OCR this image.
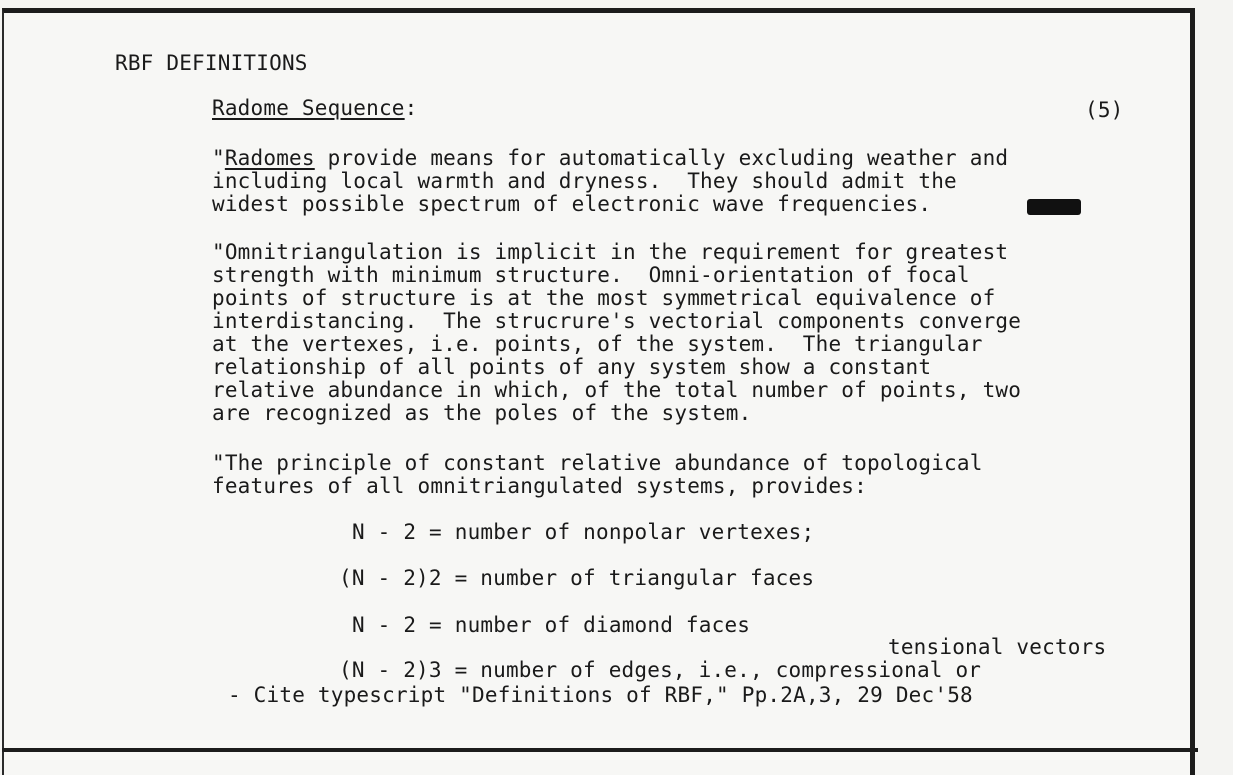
RBF DEFINITIONS
Radome Sequence:	(5)
"Radomes provide means for automatically excluding weather and
including local warmth and dryness.  They should admit the
widest possible spectrum of electronic wave frequencies.
"Omnitriangulation is implicit in the requirement for greatest
strength with minimum structure.  Omni-orientation of focal
points of structure is at the most symmetrical equivalence of
interdistancing.  The strucrure's vectorial components converge
at the vertexes, i.e. points, of the system.  The triangular
relationship of all points of any system show a constant
relative abundance in which, of the total number of points, two
are recognized as the poles of the system.
"The principle of constant relative abundance of topological
features of all omnitriangulated systems, provides:
N - 2 = number of nonpolar vertexes;
(N - 2)2 = number of triangular faces
N - 2 = number of diamond faces
tensional vectors
(N - 2)3 = number of edges, i.e., compressional or
- Cite typescript "Definitions of RBF," Pp.2A,3, 29 Dec'58
